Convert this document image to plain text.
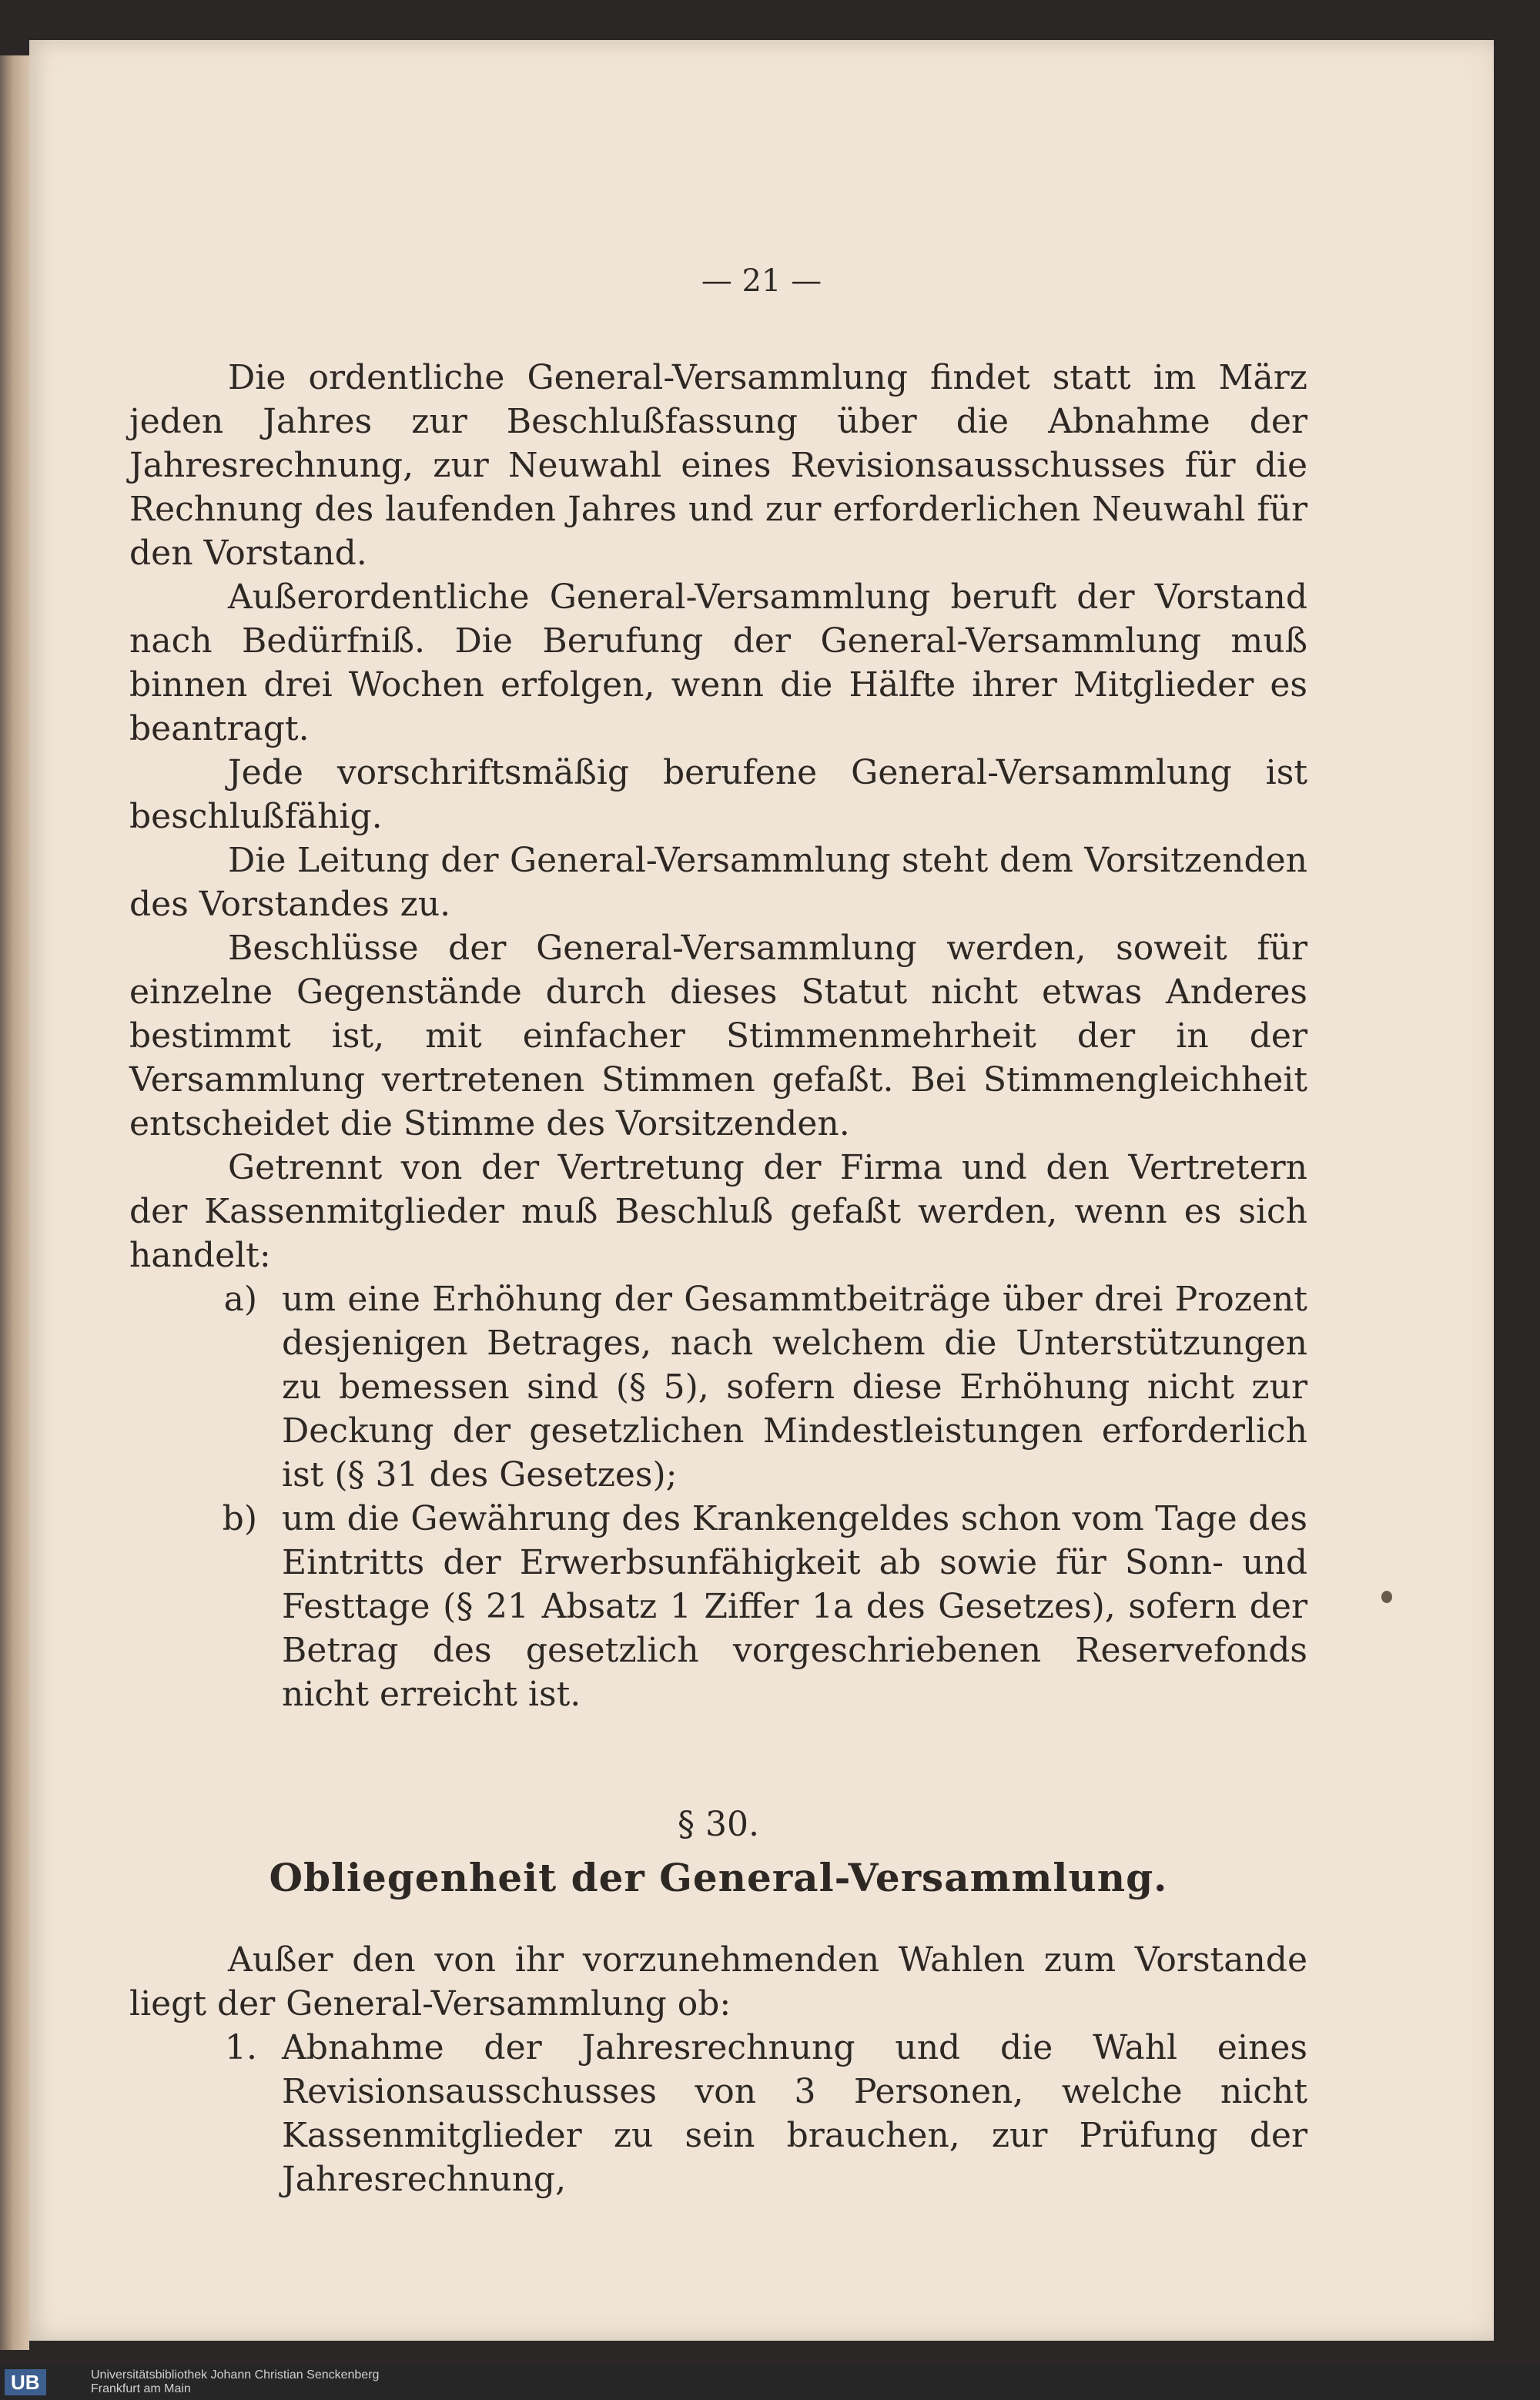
— 21 —

Die ordentliche General-Versammlung findet statt im März jeden Jahres zur Beschlußfassung über die Abnahme der Jahresrechnung, zur Neuwahl eines Revisionsausschusses für die Rechnung des laufenden Jahres und zur erforderlichen Neuwahl für den Vorstand.

Außerordentliche General-Versammlung beruft der Vorstand nach Bedürfniß. Die Berufung der General-Versammlung muß binnen drei Wochen erfolgen, wenn die Hälfte ihrer Mitglieder es beantragt.

Jede vorschriftsmäßig berufene General-Versammlung ist beschlußfähig.

Die Leitung der General-Versammlung steht dem Vorsitzenden des Vorstandes zu.

Beschlüsse der General-Versammlung werden, soweit für einzelne Gegenstände durch dieses Statut nicht etwas Anderes bestimmt ist, mit einfacher Stimmenmehrheit der in der Versammlung vertretenen Stimmen gefaßt. Bei Stimmengleichheit entscheidet die Stimme des Vorsitzenden.

Getrennt von der Vertretung der Firma und den Vertretern der Kassenmitglieder muß Beschluß gefaßt werden, wenn es sich handelt:

a) um eine Erhöhung der Gesammtbeiträge über drei Prozent desjenigen Betrages, nach welchem die Unterstützungen zu bemessen sind (§ 5), sofern diese Erhöhung nicht zur Deckung der gesetzlichen Mindestleistungen erforderlich ist (§ 31 des Gesetzes);
b) um die Gewährung des Krankengeldes schon vom Tage des Eintritts der Erwerbsunfähigkeit ab sowie für Sonn- und Festtage (§ 21 Absatz 1 Ziffer 1a des Gesetzes), sofern der Betrag des gesetzlich vorgeschriebenen Reservefonds nicht erreicht ist.
§ 30.
Obliegenheit der General-Versammlung.

Außer den von ihr vorzunehmenden Wahlen zum Vorstande liegt der General-Versammlung ob:

1. Abnahme der Jahresrechnung und die Wahl eines Revisionsausschusses von 3 Personen, welche nicht Kassenmitglieder zu sein brauchen, zur Prüfung der Jahresrechnung,
UB	Universitätsbibliothek Johann Christian Senckenberg
Frankfurt am Main
